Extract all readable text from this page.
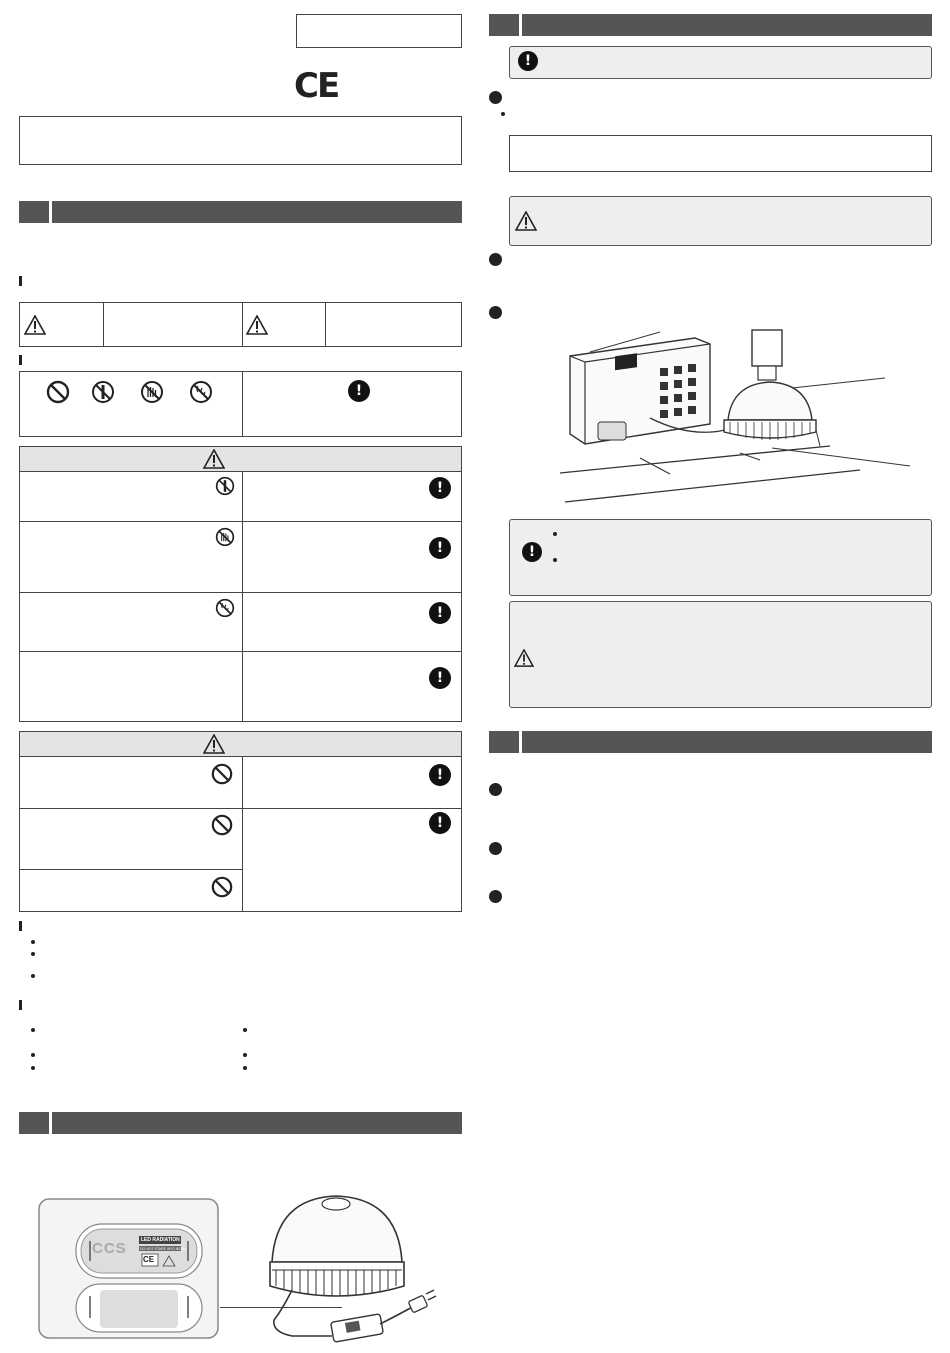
CE
!
!
!
!
!
!
!
CCS	LED RADIATION
DO NOT STARE INTO BEAM
CE
!
!
